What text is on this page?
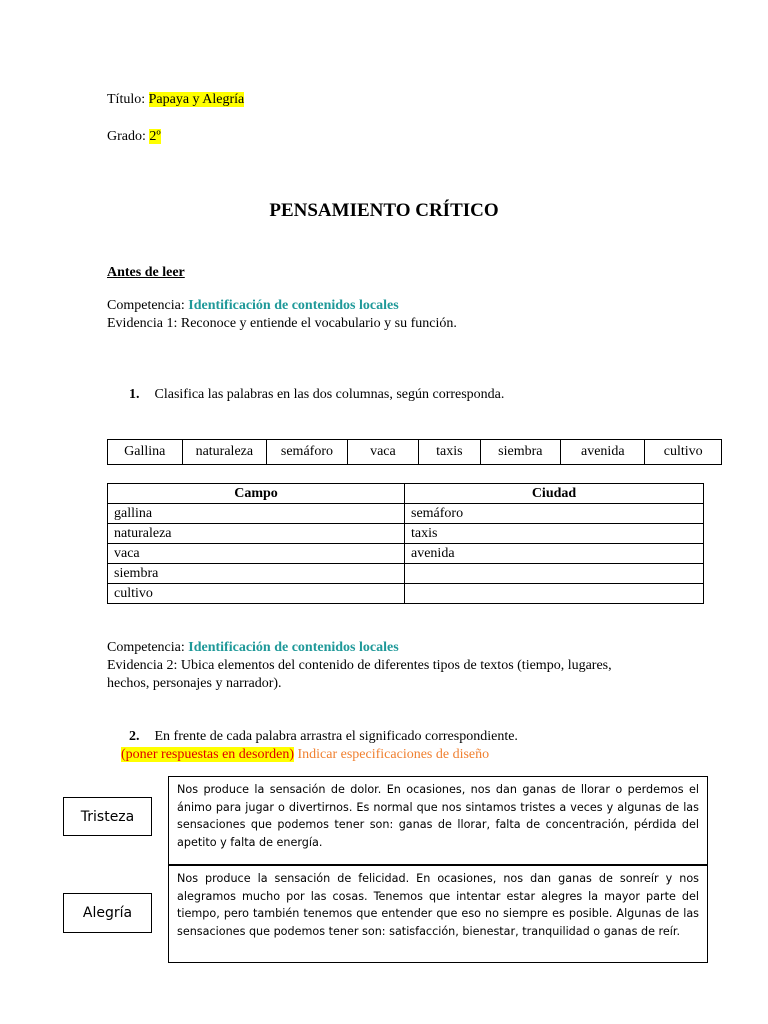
Título: Papaya y Alegría
Grado: 2º
PENSAMIENTO CRÍTICO
Antes de leer
Competencia: Identificación de contenidos locales
Evidencia 1: Reconoce y entiende el vocabulario y su función.
1. Clasifica las palabras en las dos columnas, según corresponda.
Gallina	naturaleza	semáforo	vaca	taxis	siembra	avenida	cultivo
Campo	Ciudad
gallina	semáforo
naturaleza	taxis
vaca	avenida
siembra	
cultivo	
Competencia: Identificación de contenidos locales
Evidencia 2: Ubica elementos del contenido de diferentes tipos de textos (tiempo, lugares,
hechos, personajes y narrador).
2. En frente de cada palabra arrastra el significado correspondiente.
(poner respuestas en desorden) Indicar especificaciones de diseño
Tristeza
Nos produce la sensación de dolor. En ocasiones, nos dan ganas de llorar o perdemos el ánimo para jugar o divertirnos. Es normal que nos sintamos tristes a veces y algunas de las sensaciones que podemos tener son: ganas de llorar, falta de concentración, pérdida del apetito y falta de energía.
Alegría
Nos produce la sensación de felicidad. En ocasiones, nos dan ganas de sonreír y nos alegramos mucho por las cosas. Tenemos que intentar estar alegres la mayor parte del tiempo, pero también tenemos que entender que eso no siempre es posible. Algunas de las sensaciones que podemos tener son: satisfacción, bienestar, tranquilidad o ganas de reír.
